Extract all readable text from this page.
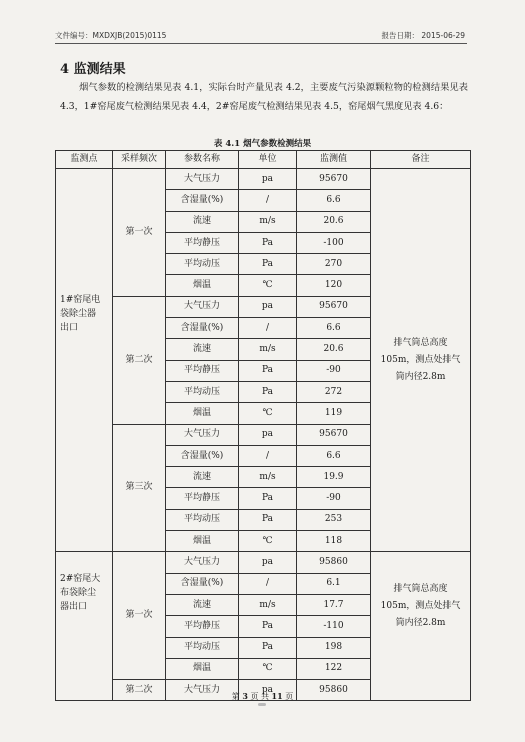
文件编号：MXDXJB(2015)0115	报告日期： 2015-06-29
4 监测结果
烟气参数的检测结果见表 4.1，实际台时产量见表 4.2，主要废气污染源颗粒物的检测结果见表 4.3，1#窑尾废气检测结果见表 4.4，2#窑尾废气检测结果见表 4.5，窑尾烟气黑度见表 4.6：
表 4.1 烟气参数检测结果
监测点	采样频次	参数名称	单位	监测值	备注

1#窑尾电袋除尘器出口	第一次	大气压力	pa	95670	排气筒总高度105m，测点处排气筒内径2.8m

		含湿量(%)	/	6.6	
		流速	m/s	20.6	
		平均静压	Pa	-100	
		平均动压	Pa	270	
		烟温	℃	120	
	第二次	大气压力	pa	95670	
		含湿量(%)	/	6.6	
		流速	m/s	20.6	
		平均静压	Pa	-90	
		平均动压	Pa	272	
		烟温	℃	119	
	第三次	大气压力	pa	95670	
		含湿量(%)	/	6.6	
		流速	m/s	19.9	
		平均静压	Pa	-90	
		平均动压	Pa	253	
		烟温	℃	118	

2#窑尾大布袋除尘器出口	第一次	大气压力	pa	95860	排气筒总高度105m，测点处排气筒内径2.8m

		含湿量(%)	/	6.1	
		流速	m/s	17.7	
		平均静压	Pa	-110	
		平均动压	Pa	198	
		烟温	℃	122	
	第二次	大气压力	pa	95860	
第 3 页 共 11 页
